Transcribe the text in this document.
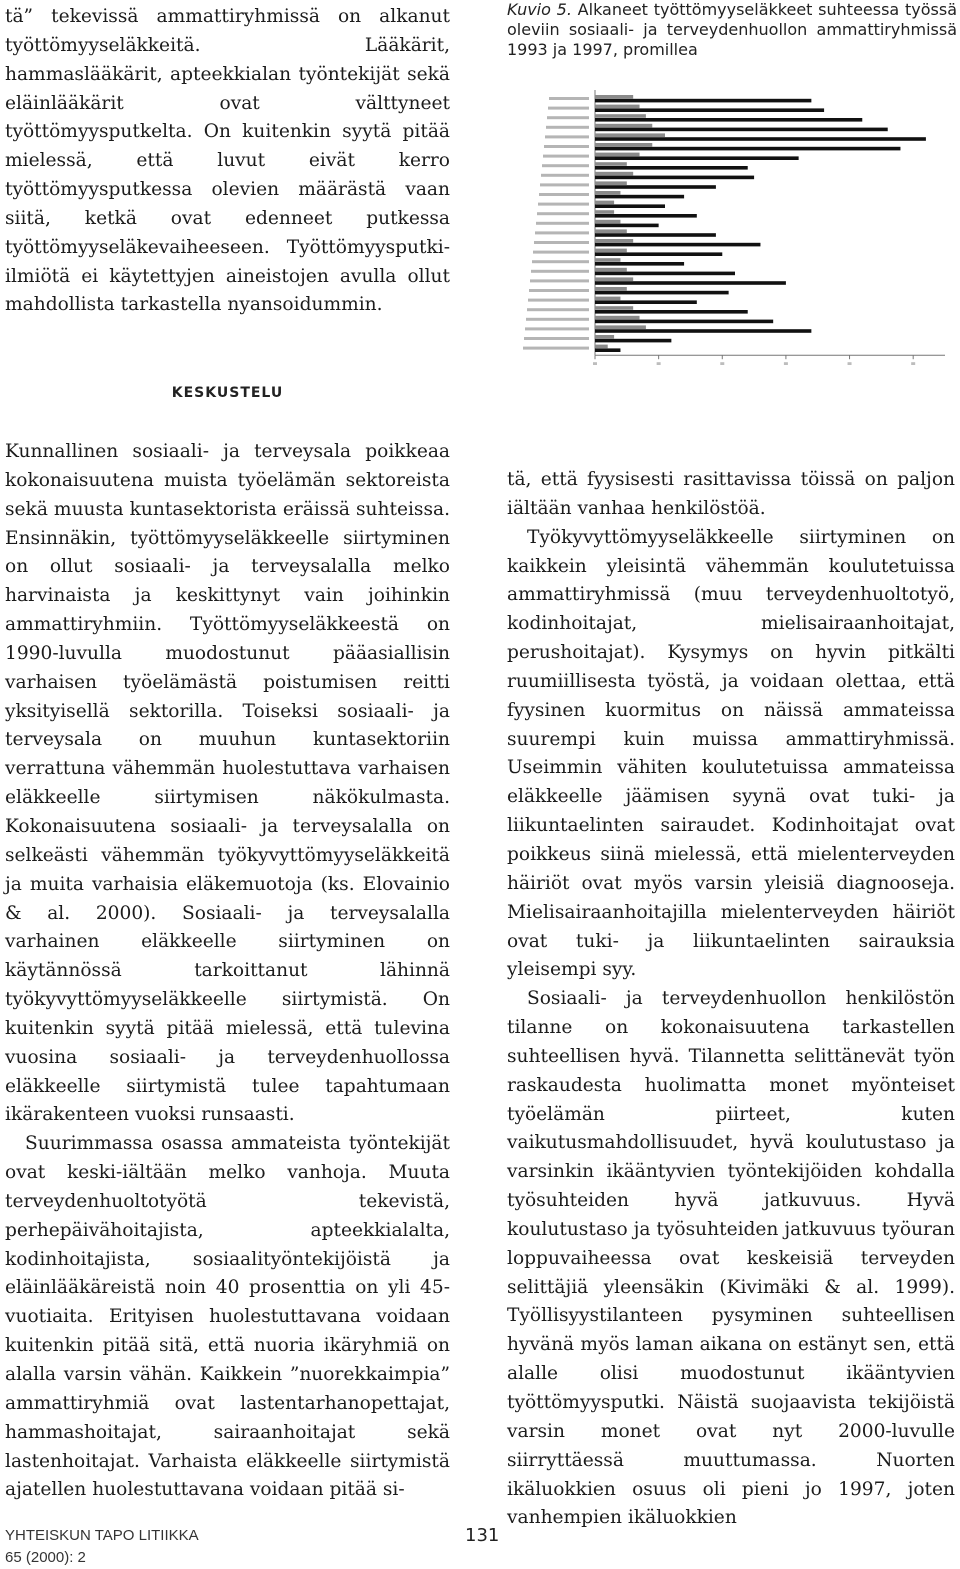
tä” tekevissä ammattiryhmissä on alkanut työttömyyseläkkeitä. Lääkärit, hammaslääkärit, apteekkialan työntekijät sekä eläinlääkärit ovat välttyneet työttömyysputkelta. On kuitenkin syytä pitää mielessä, että luvut eivät kerro työttömyysputkessa olevien määrästä vaan siitä, ketkä ovat edenneet putkessa työttömyyseläkevaiheeseen. Työttömyysputki-ilmiötä ei käytettyjen aineistojen avulla ollut mahdollista tarkastella nyansoidummin.

Kuvio 5. Alkaneet työttömyyseläkkeet suhteessa työssä oleviin sosiaali- ja terveydenhuollon ammattiryhmissä 1993 ja 1997, promillea

KESKUSTELU

Kunnallinen sosiaali- ja terveysala poikkeaa kokonaisuutena muista työelämän sektoreista sekä muusta kuntasektorista eräissä suhteissa. Ensinnäkin, työttömyyseläkkeelle siirtyminen on ollut sosiaali- ja terveysalalla melko harvinaista ja keskittynyt vain joihinkin ammattiryhmiin. Työttömyyseläkkeestä on 1990-luvulla muodostunut pääasiallisin varhaisen työelämästä poistumisen reitti yksityisellä sektorilla. Toiseksi sosiaali- ja terveysala on muuhun kuntasektoriin verrattuna vähemmän huolestuttava varhaisen eläkkeelle siirtymisen näkökulmasta. Kokonaisuutena sosiaali- ja terveysalalla on selkeästi vähemmän työkyvyttömyyseläkkeitä ja muita varhaisia eläkemuotoja (ks. Elovainio & al. 2000). Sosiaali- ja terveysalalla varhainen eläkkeelle siirtyminen on käytännössä tarkoittanut lähinnä työkyvyttömyyseläkkeelle siirtymistä. On kuitenkin syytä pitää mielessä, että tulevina vuosina sosiaali- ja terveydenhuollossa eläkkeelle siirtymistä tulee tapahtumaan ikärakenteen vuoksi runsaasti.

Suurimmassa osassa ammateista työntekijät ovat keski-iältään melko vanhoja. Muuta terveydenhuoltotyötä tekevistä, perhepäivähoitajista, apteekkialalta, kodinhoitajista, sosiaalityöntekijöistä ja eläinlääkäreistä noin 40 prosenttia on yli 45-vuotiaita. Erityisen huolestuttavana voidaan kuitenkin pitää sitä, että nuoria ikäryhmiä on alalla varsin vähän. Kaikkein ”nuorekkaimpia” ammattiryhmiä ovat lastentarhanopettajat, hammashoitajat, sairaanhoitajat sekä lastenhoitajat. Varhaista eläkkeelle siirtymistä ajatellen huolestuttavana voidaan pitää si-

tä, että fyysisesti rasittavissa töissä on paljon iältään vanhaa henkilöstöä.

Työkyvyttömyyseläkkeelle siirtyminen on kaikkein yleisintä vähemmän koulutetuissa ammattiryhmissä (muu terveydenhuoltotyö, kodinhoitajat, mielisairaanhoitajat, perushoitajat). Kysymys on hyvin pitkälti ruumiillisesta työstä, ja voidaan olettaa, että fyysinen kuormitus on näissä ammateissa suurempi kuin muissa ammattiryhmissä. Useimmin vähiten koulutetuissa ammateissa eläkkeelle jäämisen syynä ovat tuki- ja liikuntaelinten sairaudet. Kodinhoitajat ovat poikkeus siinä mielessä, että mielenterveyden häiriöt ovat myös varsin yleisiä diagnooseja. Mielisairaanhoitajilla mielenterveyden häiriöt ovat tuki- ja liikuntaelinten sairauksia yleisempi syy.

Sosiaali- ja terveydenhuollon henkilöstön tilanne on kokonaisuutena tarkastellen suhteellisen hyvä. Tilannetta selittänevät työn raskaudesta huolimatta monet myönteiset työelämän piirteet, kuten vaikutusmahdollisuudet, hyvä koulutustaso ja varsinkin ikääntyvien työntekijöiden kohdalla työsuhteiden hyvä jatkuvuus. Hyvä koulutustaso ja työsuhteiden jatkuvuus työuran loppuvaiheessa ovat keskeisiä terveyden selittäjiä yleensäkin (Kivimäki & al. 1999). Työllisyystilanteen pysyminen suhteellisen hyvänä myös laman aikana on estänyt sen, että alalle olisi muodostunut ikääntyvien työttömyysputki. Näistä suojaavista tekijöistä varsin monet ovat nyt 2000-luvulle siirryttäessä muuttumassa. Nuorten ikäluokkien osuus oli pieni jo 1997, joten vanhempien ikäluokkien

YHTEISKUN TAPO LITIIKKA
65 (2000): 2
131
